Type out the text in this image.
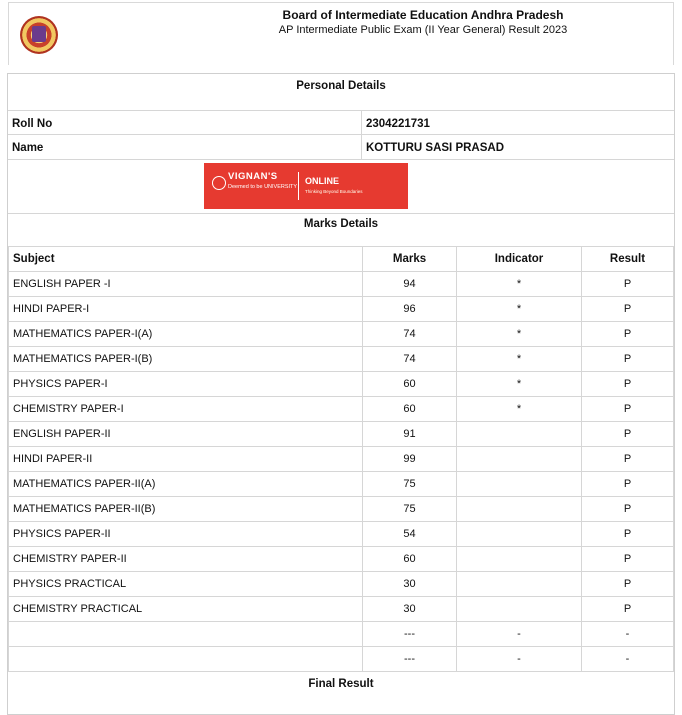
Board of Intermediate Education Andhra Pradesh
AP Intermediate Public Exam (II Year General) Result 2023
Personal Details
Roll No	2304221731
Name	KOTTURU SASI PRASAD
VIGNAN'S
Deemed to be UNIVERSITY
ONLINE
Thinking Beyond Boundaries
Marks Details
Subject	Marks	Indicator	Result
ENGLISH PAPER -I	94	*	P
HINDI PAPER-I	96	*	P
MATHEMATICS PAPER-I(A)	74	*	P
MATHEMATICS PAPER-I(B)	74	*	P
PHYSICS PAPER-I	60	*	P
CHEMISTRY PAPER-I	60	*	P
ENGLISH PAPER-II	91		P
HINDI PAPER-II	99		P
MATHEMATICS PAPER-II(A)	75		P
MATHEMATICS PAPER-II(B)	75		P
PHYSICS PAPER-II	54		P
CHEMISTRY PAPER-II	60		P
PHYSICS PRACTICAL	30		P
CHEMISTRY PRACTICAL	30		P
	---	-	-
	---	-	-
Final Result
